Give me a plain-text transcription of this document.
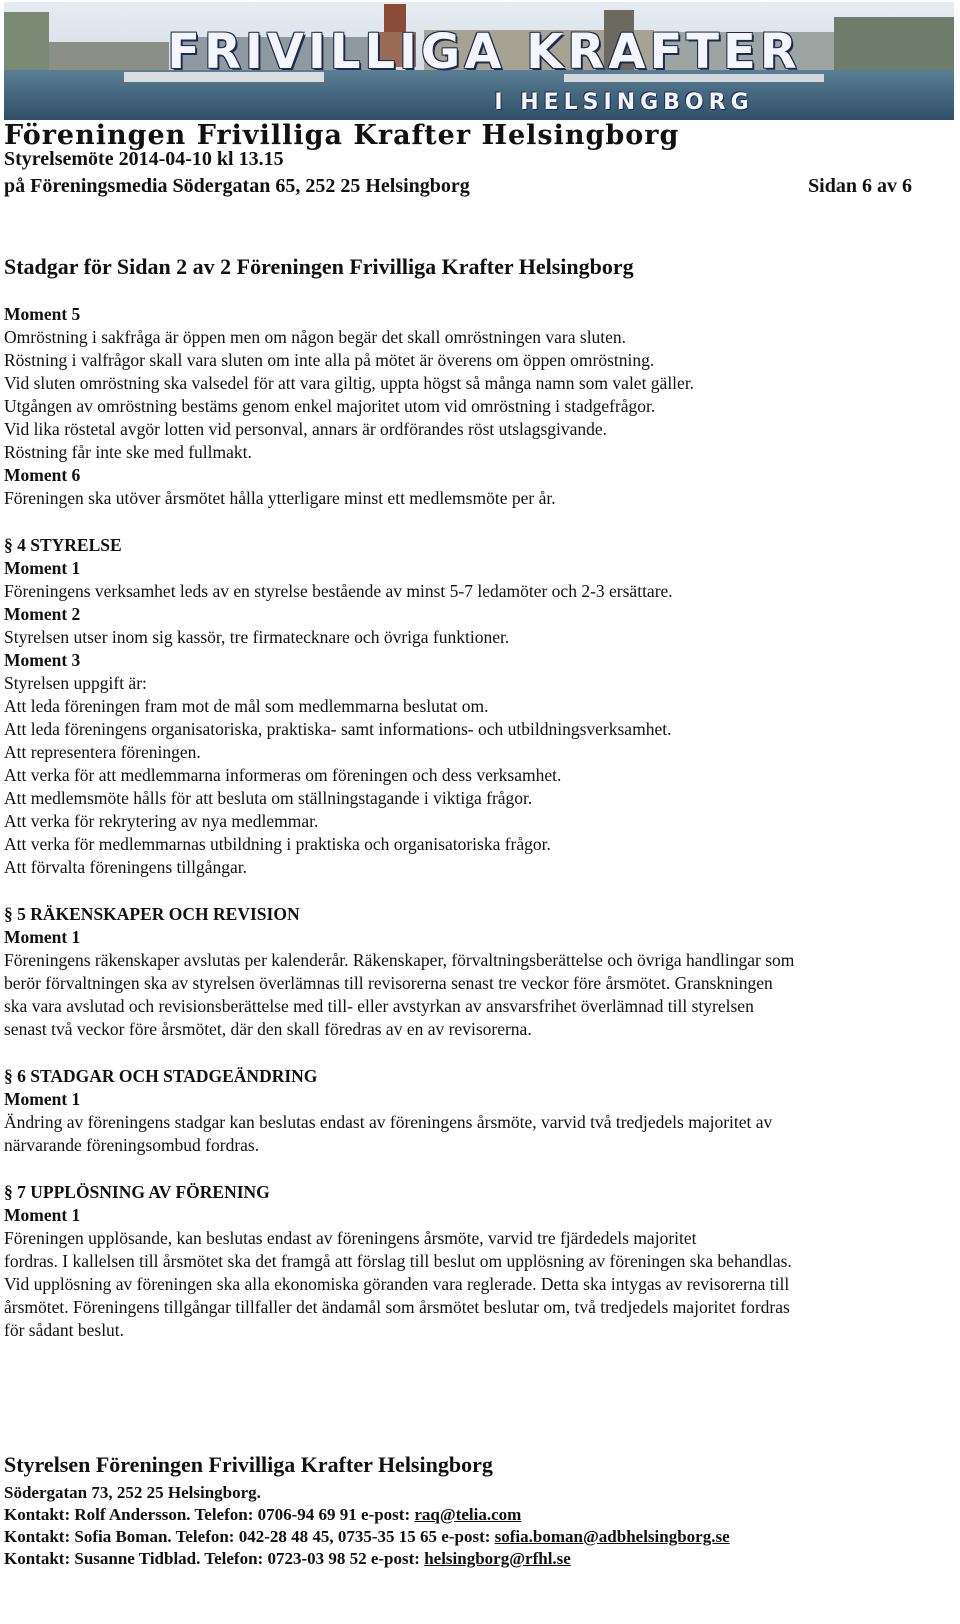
FRIVILLIGA KRAFTER
I HELSINGBORG
Föreningen Frivilliga Krafter Helsingborg
Styrelsemöte 2014-04-10 kl 13.15
på Föreningsmedia Södergatan 65, 252 25 Helsingborg	Sidan 6 av 6
Stadgar för Sidan 2 av 2 Föreningen Frivilliga Krafter Helsingborg
Moment 5
Omröstning i sakfråga är öppen men om någon begär det skall omröstningen vara sluten.
Röstning i valfrågor skall vara sluten om inte alla på mötet är överens om öppen omröstning.
Vid sluten omröstning ska valsedel för att vara giltig, uppta högst så många namn som valet gäller.
Utgången av omröstning bestäms genom enkel majoritet utom vid omröstning i stadgefrågor.
Vid lika röstetal avgör lotten vid personval, annars är ordförandes röst utslagsgivande.
Röstning får inte ske med fullmakt.
Moment 6
Föreningen ska utöver årsmötet hålla ytterligare minst ett medlemsmöte per år.
§ 4 STYRELSE
Moment 1
Föreningens verksamhet leds av en styrelse bestående av minst 5-7 ledamöter och 2-3 ersättare.
Moment 2
Styrelsen utser inom sig kassör, tre firmatecknare och övriga funktioner.
Moment 3
Styrelsen uppgift är:
Att leda föreningen fram mot de mål som medlemmarna beslutat om.
Att leda föreningens organisatoriska, praktiska- samt informations- och utbildningsverksamhet.
Att representera föreningen.
Att verka för att medlemmarna informeras om föreningen och dess verksamhet.
Att medlemsmöte hålls för att besluta om ställningstagande i viktiga frågor.
Att verka för rekrytering av nya medlemmar.
Att verka för medlemmarnas utbildning i praktiska och organisatoriska frågor.
Att förvalta föreningens tillgångar.
§ 5 RÄKENSKAPER OCH REVISION
Moment 1
Föreningens räkenskaper avslutas per kalenderår. Räkenskaper, förvaltningsberättelse och övriga handlingar som
berör förvaltningen ska av styrelsen överlämnas till revisorerna senast tre veckor före årsmötet. Granskningen
ska vara avslutad och revisionsberättelse med till- eller avstyrkan av ansvarsfrihet överlämnad till styrelsen
senast två veckor före årsmötet, där den skall föredras av en av revisorerna.
§ 6 STADGAR OCH STADGEÄNDRING
Moment 1
Ändring av föreningens stadgar kan beslutas endast av föreningens årsmöte, varvid två tredjedels majoritet av
närvarande föreningsombud fordras.
§ 7 UPPLÖSNING AV FÖRENING
Moment 1
Föreningen upplösande, kan beslutas endast av föreningens årsmöte, varvid tre fjärdedels majoritet
fordras. I kallelsen till årsmötet ska det framgå att förslag till beslut om upplösning av föreningen ska behandlas.
Vid upplösning av föreningen ska alla ekonomiska göranden vara reglerade. Detta ska intygas av revisorerna till
årsmötet. Föreningens tillgångar tillfaller det ändamål som årsmötet beslutar om, två tredjedels majoritet fordras
för sådant beslut.
Styrelsen Föreningen Frivilliga Krafter Helsingborg
Södergatan 73, 252 25 Helsingborg.
Kontakt: Rolf Andersson. Telefon: 0706-94 69 91 e-post: raq@telia.com
Kontakt: Sofia Boman. Telefon: 042-28 48 45, 0735-35 15 65 e-post: sofia.boman@adbhelsingborg.se
Kontakt: Susanne Tidblad. Telefon: 0723-03 98 52 e-post: helsingborg@rfhl.se
